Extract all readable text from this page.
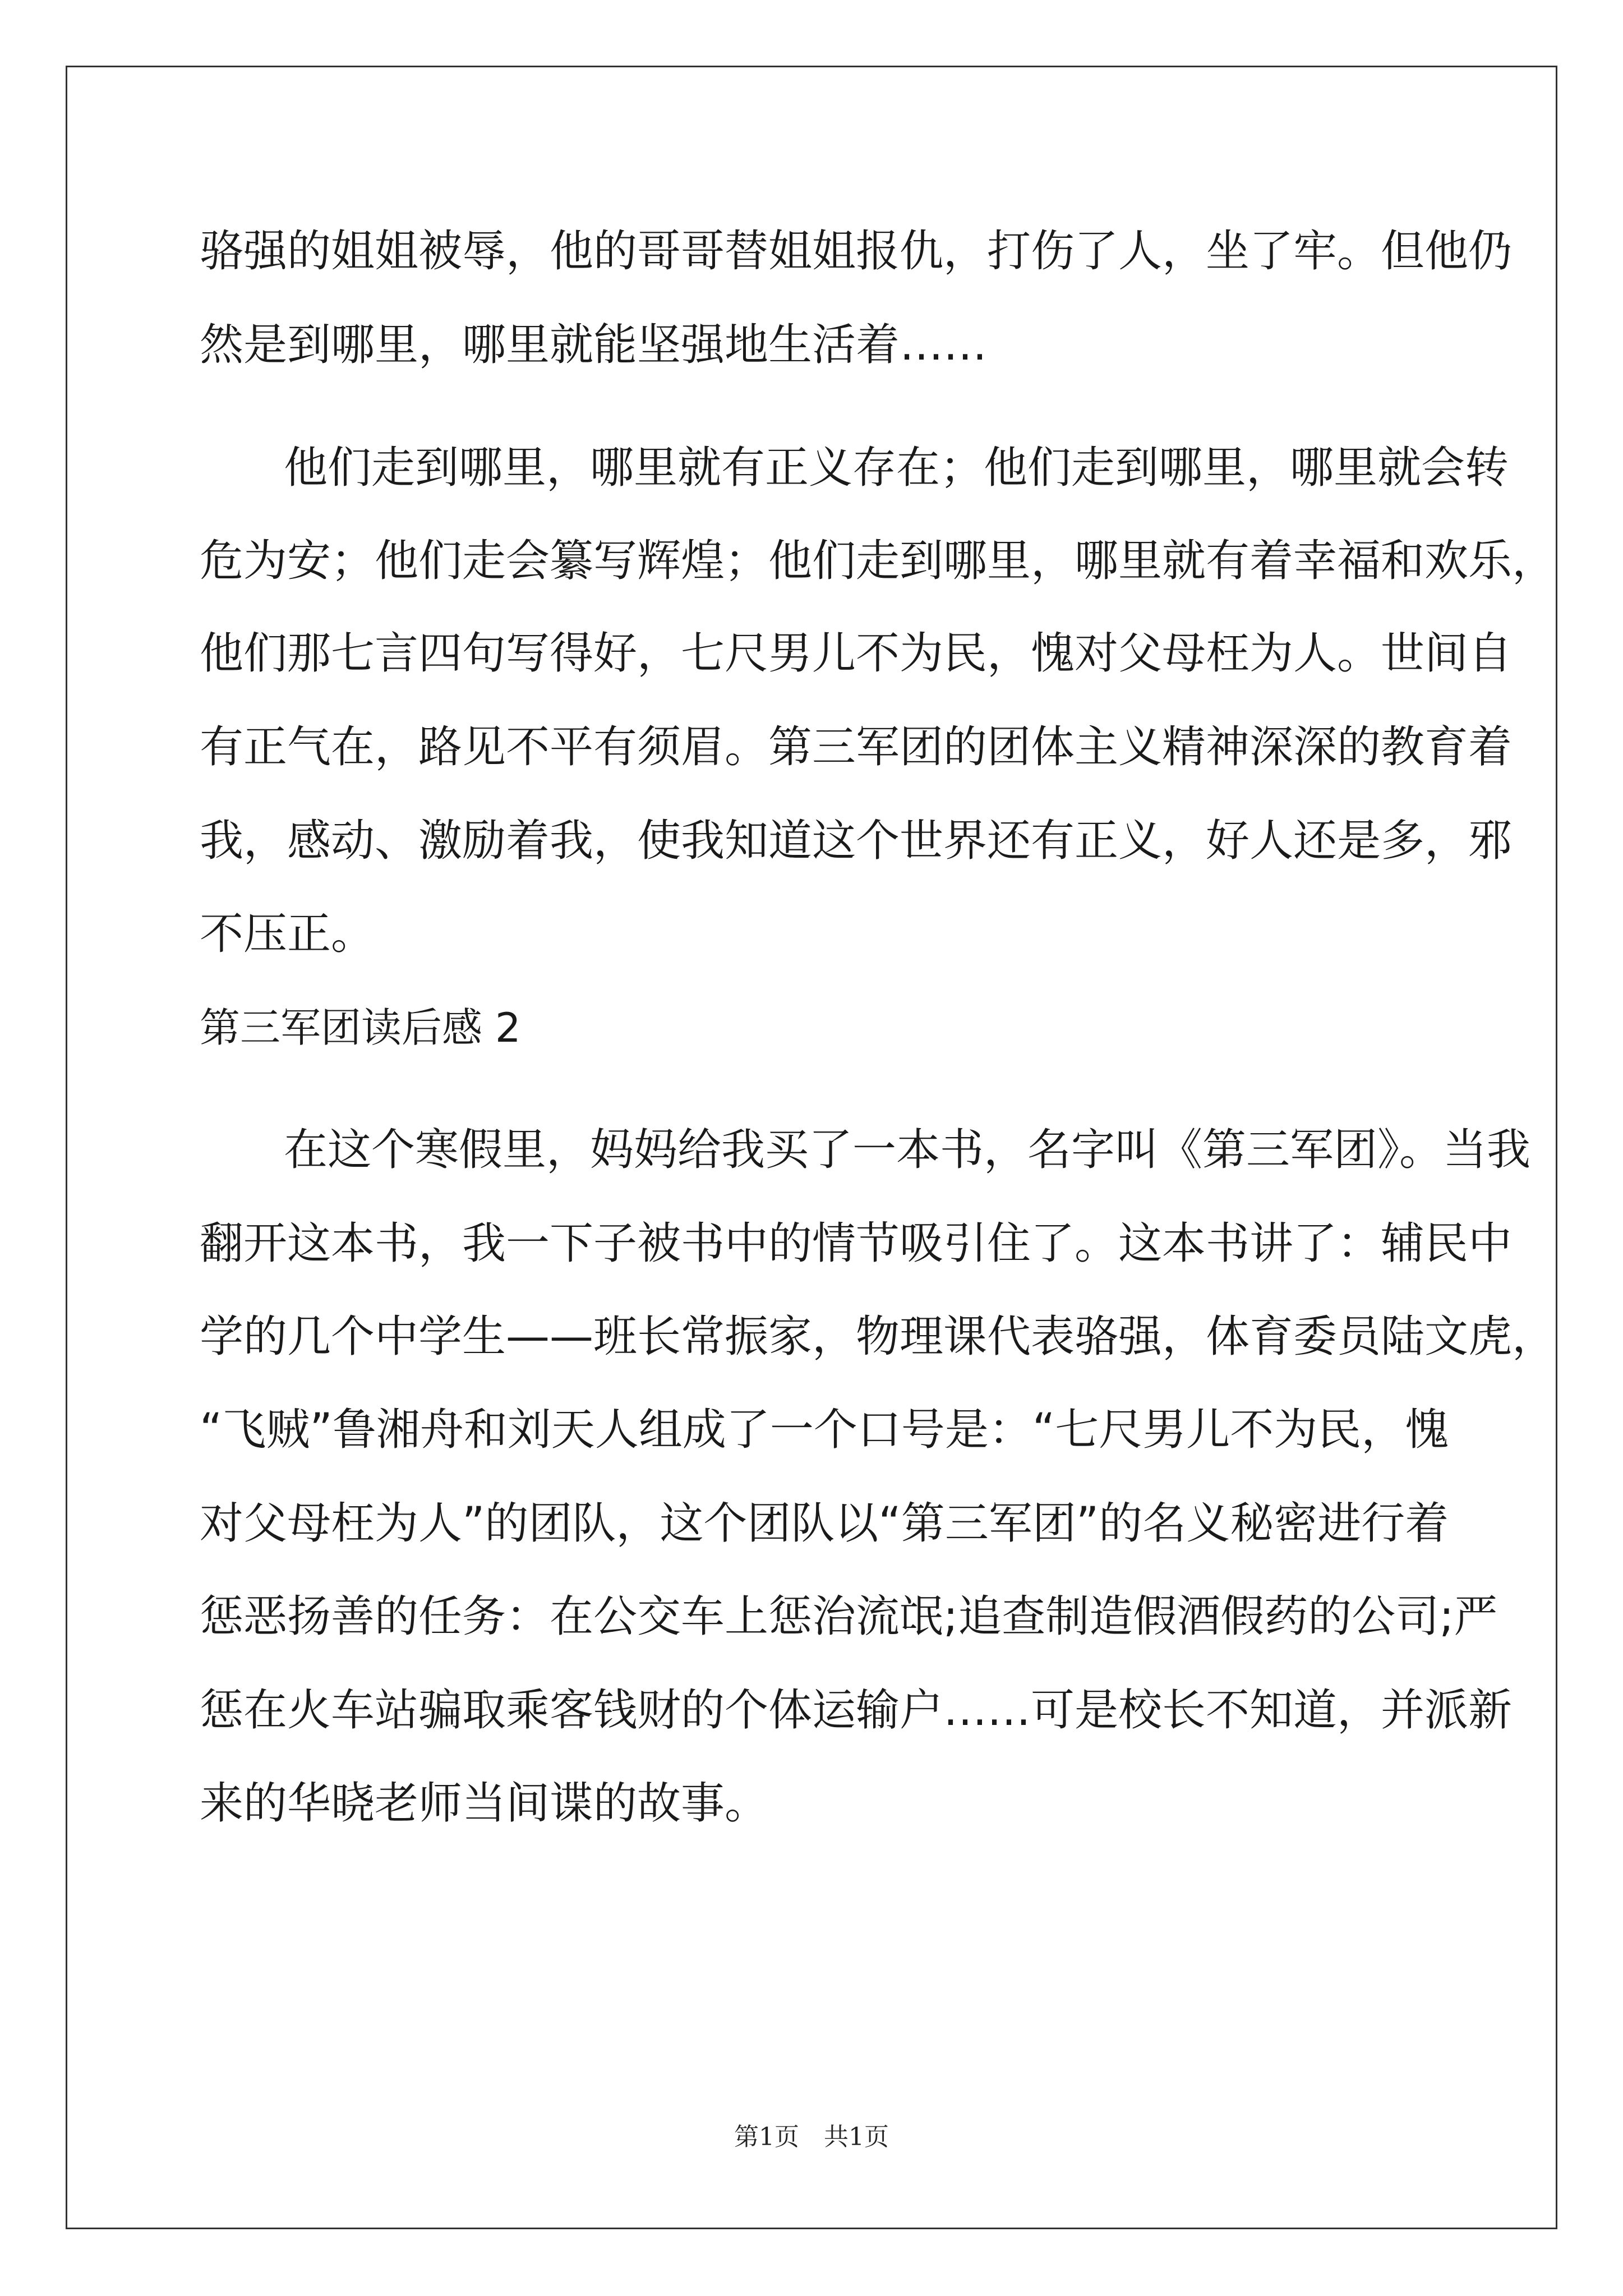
骆强的姐姐被辱，他的哥哥替姐姐报仇，打伤了人，坐了牢。但他仍

然是到哪里，哪里就能坚强地生活着……

他们走到哪里，哪里就有正义存在；他们走到哪里，哪里就会转

危为安；他们走会纂写辉煌；他们走到哪里，哪里就有着幸福和欢乐，

他们那七言四句写得好，七尺男儿不为民，愧对父母枉为人。世间自

有正气在，路见不平有须眉。第三军团的团体主义精神深深的教育着

我，感动、激励着我，使我知道这个世界还有正义，好人还是多，邪

不压正。

第三军团读后感 2

在这个寒假里，妈妈给我买了一本书，名字叫《第三军团》。当我

翻开这本书，我一下子被书中的情节吸引住了。这本书讲了：辅民中

学的几个中学生——班长常振家，物理课代表骆强，体育委员陆文虎，

“飞贼”鲁湘舟和刘天人组成了一个口号是：“七尺男儿不为民，愧

对父母枉为人”的团队，这个团队以“第三军团”的名义秘密进行着

惩恶扬善的任务：在公交车上惩治流氓;追查制造假酒假药的公司;严

惩在火车站骗取乘客钱财的个体运输户……可是校长不知道，并派新

来的华晓老师当间谍的故事。

第1页　共1页
